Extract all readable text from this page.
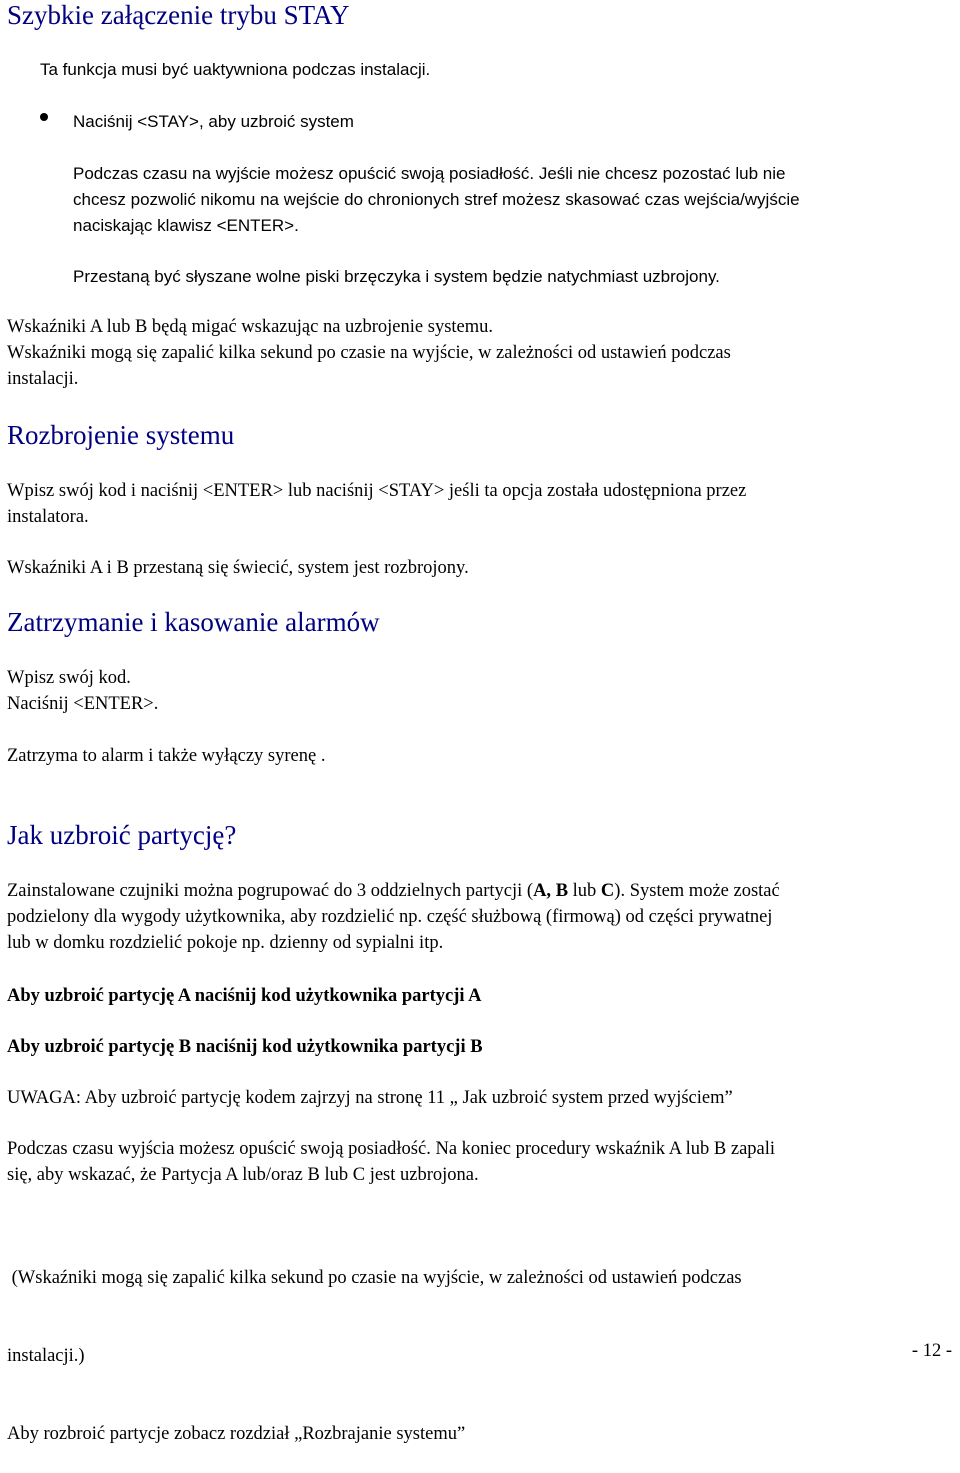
Szybkie załączenie trybu STAY
Ta funkcja musi być uaktywniona podczas instalacji.
Naciśnij <STAY>, aby uzbroić system
Podczas czasu na wyjście możesz opuścić swoją posiadłość. Jeśli nie chcesz pozostać lub nie
chcesz pozwolić nikomu na wejście do chronionych stref możesz skasować czas wejścia/wyjście
naciskając klawisz <ENTER>.
Przestaną być słyszane wolne piski brzęczyka i system będzie natychmiast uzbrojony.
Wskaźniki A lub B będą migać wskazując na uzbrojenie systemu.
Wskaźniki mogą się zapalić kilka sekund po czasie na wyjście, w zależności od ustawień podczas
instalacji.
Rozbrojenie systemu
Wpisz swój kod i naciśnij <ENTER> lub naciśnij <STAY> jeśli ta opcja została udostępniona przez
instalatora.
Wskaźniki A i B przestaną się świecić, system jest rozbrojony.
Zatrzymanie i kasowanie alarmów
Wpisz swój kod.
Naciśnij <ENTER>.
Zatrzyma to alarm i także wyłączy syrenę .
Jak uzbroić partycję?
Zainstalowane czujniki można pogrupować do 3 oddzielnych partycji (A, B lub C). System może zostać
podzielony dla wygody użytkownika, aby rozdzielić np. część służbową (firmową) od części prywatnej
lub w domku rozdzielić pokoje np. dzienny od sypialni itp.
Aby uzbroić partycję A naciśnij kod użytkownika partycji A
Aby uzbroić partycję B naciśnij kod użytkownika partycji B
UWAGA: Aby uzbroić partycję kodem zajrzyj na stronę 11 „ Jak uzbroić system przed wyjściem”
Podczas czasu wyjścia możesz opuścić swoją posiadłość. Na koniec procedury wskaźnik A lub B zapali
się, aby wskazać, że Partycja A lub/oraz B lub C jest uzbrojona.

(Wskaźniki mogą się zapalić kilka sekund po czasie na wyjście, w zależności od ustawień podczas

instalacji.)

Aby rozbroić partycje zobacz rozdział „Rozbrajanie systemu”

- 12 -
